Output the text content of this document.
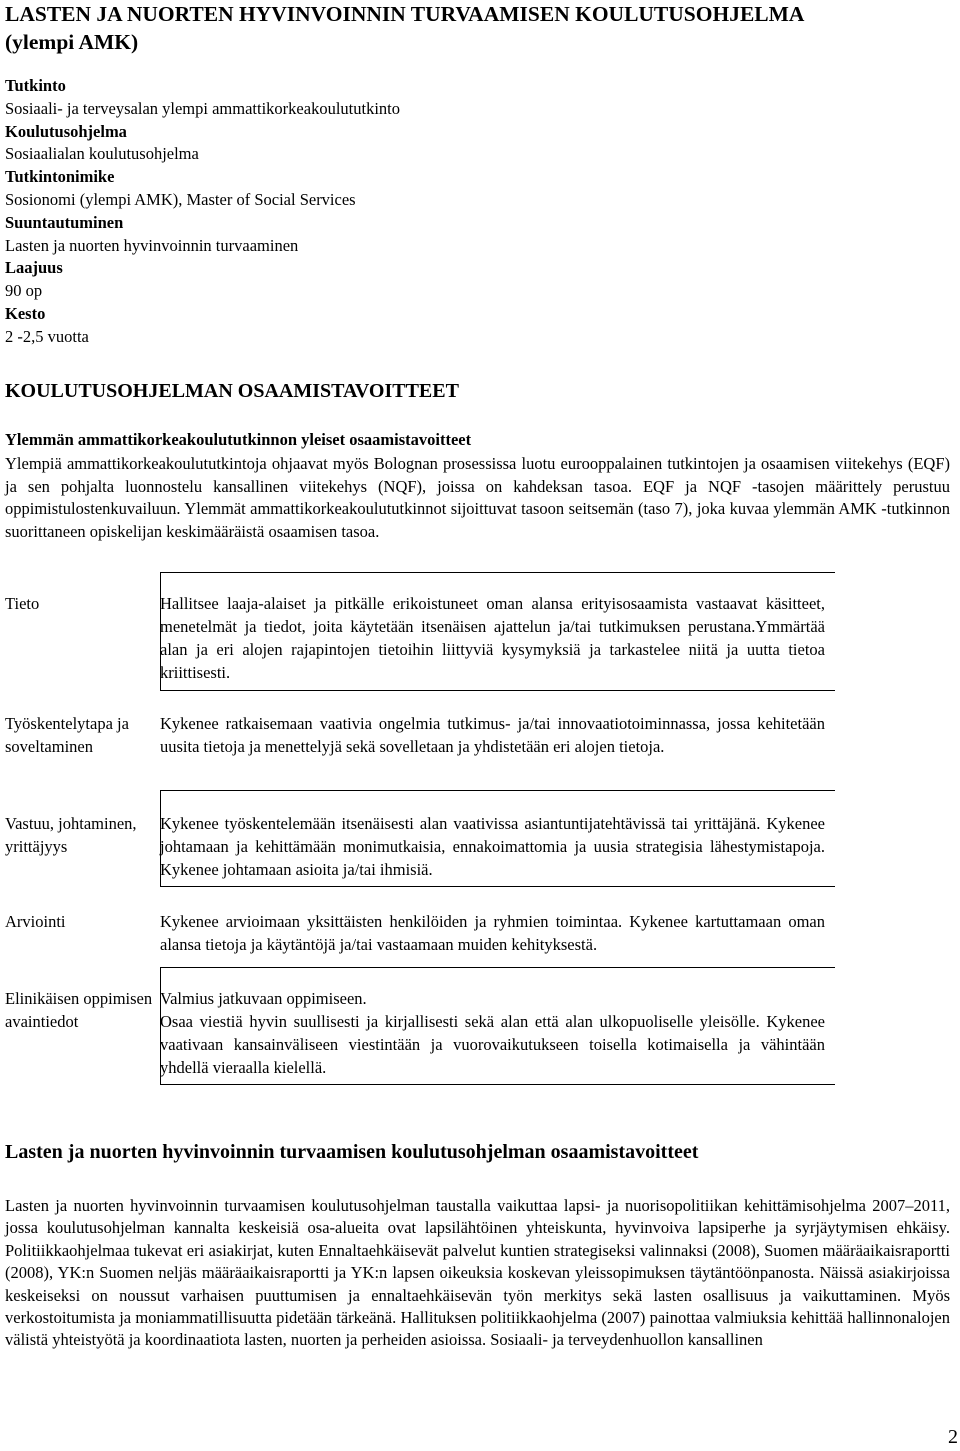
LASTEN JA NUORTEN HYVINVOINNIN TURVAAMISEN KOULUTUSOHJELMA
(ylempi AMK)
Tutkinto
Sosiaali- ja terveysalan ylempi ammattikorkeakoulututkinto
Koulutusohjelma
Sosiaalialan koulutusohjelma
Tutkintonimike
Sosionomi (ylempi AMK), Master of Social Services
Suuntautuminen
Lasten ja nuorten hyvinvoinnin turvaaminen
Laajuus
90 op
Kesto
2 -2,5 vuotta
KOULUTUSOHJELMAN OSAAMISTAVOITTEET
Ylemmän ammattikorkeakoulututkinnon yleiset osaamistavoitteet
Ylempiä ammattikorkeakoulututkintoja ohjaavat myös Bolognan prosessissa luotu eurooppalainen tutkintojen ja osaamisen viitekehys (EQF) ja sen pohjalta luonnostelu kansallinen viitekehys (NQF), joissa on kahdeksan tasoa. EQF ja NQF -tasojen määrittely perustuu oppimistulostenkuvailuun. Ylemmät ammattikorkeakoulututkinnot sijoittuvat tasoon seitsemän (taso 7), joka kuvaa ylemmän AMK -tutkinnon suorittaneen opiskelijan keskimääräistä osaamisen tasoa.
Tieto	Hallitsee laaja-alaiset ja pitkälle erikoistuneet oman alansa erityisosaamista vastaavat käsitteet, menetelmät ja tiedot, joita käytetään itsenäisen ajattelun ja/tai tutkimuksen perustana.Ymmärtää alan ja eri alojen rajapintojen tietoihin liittyviä kysymyksiä ja tarkastelee niitä ja uutta tietoa kriittisesti.
Työskentelytapa ja soveltaminen
Kykenee ratkaisemaan vaativia ongelmia tutkimus- ja/tai innovaatiotoiminnassa, jossa kehitetään uusita tietoja ja menettelyjä sekä sovelletaan ja yhdistetään eri alojen tietoja.
Vastuu, johtaminen, yrittäjyys
Kykenee työskentelemään itsenäisesti alan vaativissa asiantuntijatehtävissä tai yrittäjänä. Kykenee johtamaan ja kehittämään monimutkaisia, ennakoimattomia ja uusia strategisia lähestymistapoja. Kykenee johtamaan asioita ja/tai ihmisiä.
Arviointi	Kykenee arvioimaan yksittäisten henkilöiden ja ryhmien toimintaa. Kykenee kartuttamaan oman alansa tietoja ja käytäntöjä ja/tai vastaamaan muiden kehityksestä.
Elinikäisen oppimisen avaintiedot
Valmius jatkuvaan oppimiseen.
Osaa viestiä hyvin suullisesti ja kirjallisesti sekä alan että alan ulkopuoliselle yleisölle. Kykenee vaativaan kansainväliseen viestintään ja vuorovaikutukseen toisella kotimaisella ja vähintään yhdellä vieraalla kielellä.
Lasten ja nuorten hyvinvoinnin turvaamisen koulutusohjelman osaamistavoitteet
Lasten ja nuorten hyvinvoinnin turvaamisen koulutusohjelman taustalla vaikuttaa lapsi- ja nuorisopolitiikan kehittämisohjelma 2007–2011, jossa koulutusohjelman kannalta keskeisiä osa-alueita ovat lapsilähtöinen yhteiskunta, hyvinvoiva lapsiperhe ja syrjäytymisen ehkäisy. Politiikkaohjelmaa tukevat eri asiakirjat, kuten Ennaltaehkäisevät palvelut kuntien strategiseksi valinnaksi (2008), Suomen määräaikaisraportti (2008), YK:n Suomen neljäs määräaikaisraportti ja YK:n lapsen oikeuksia koskevan yleissopimuksen täytäntöönpanosta. Näissä asiakirjoissa keskeiseksi on noussut varhaisen puuttumisen ja ennaltaehkäisevän työn merkitys sekä lasten osallisuus ja vaikuttaminen. Myös verkostoitumista ja moniammatillisuutta pidetään tärkeänä. Hallituksen politiikkaohjelma (2007) painottaa valmiuksia kehittää hallinnonalojen välistä yhteistyötä ja koordinaatiota lasten, nuorten ja perheiden asioissa. Sosiaali- ja terveydenhuollon kansallinen
2
